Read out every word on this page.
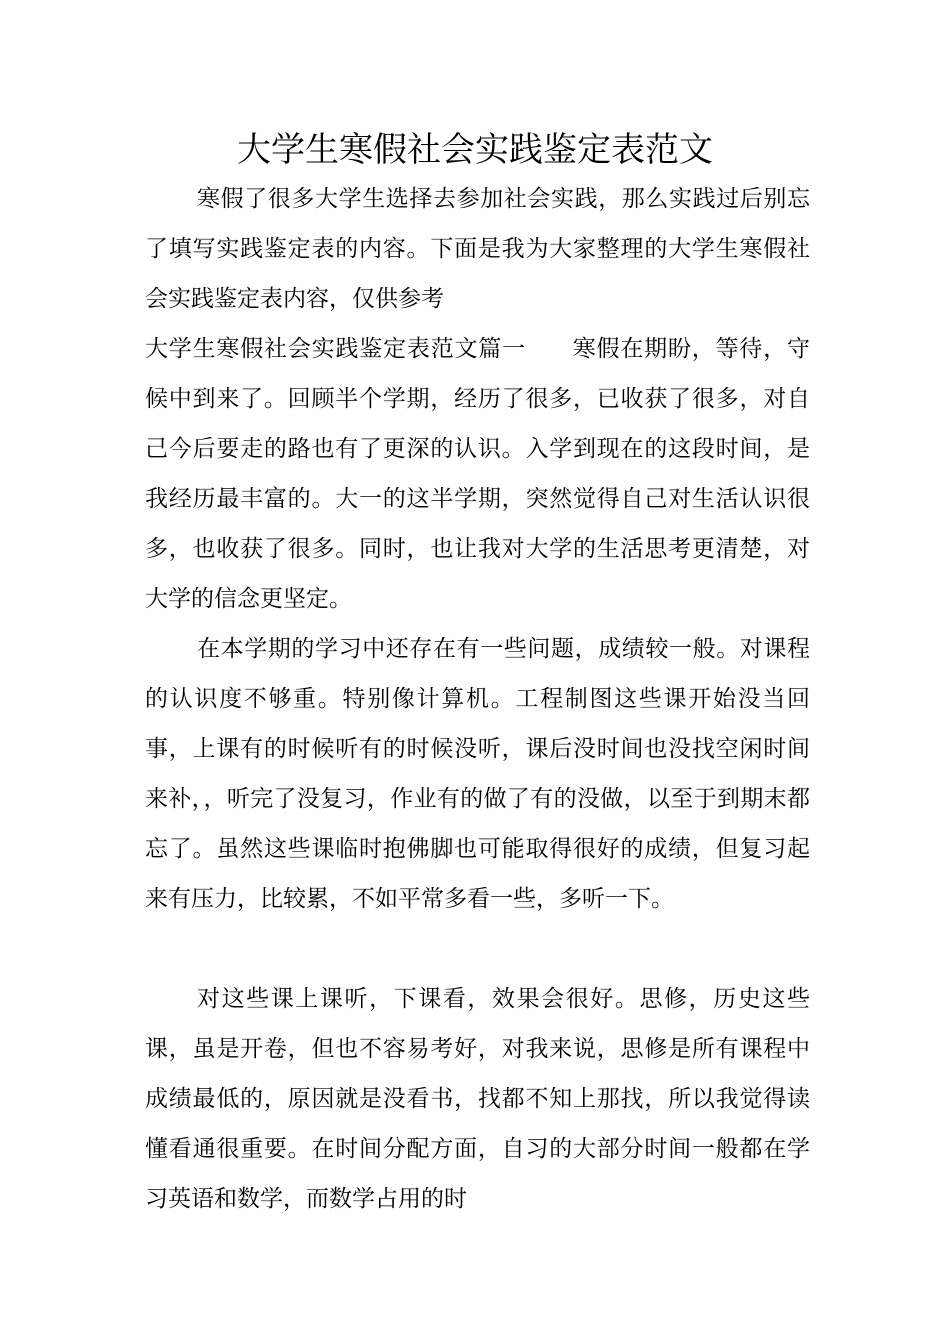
大学生寒假社会实践鉴定表范文

寒假了很多大学生选择去参加社会实践，那么实践过后别忘了填写实践鉴定表的内容。下面是我为大家整理的大学生寒假社会实践鉴定表内容，仅供参考

大学生寒假社会实践鉴定表范文篇一 寒假在期盼，等待，守候中到来了。回顾半个学期，经历了很多，已收获了很多，对自己今后要走的路也有了更深的认识。入学到现在的这段时间，是我经历最丰富的。大一的这半学期，突然觉得自己对生活认识很多，也收获了很多。同时，也让我对大学的生活思考更清楚，对大学的信念更坚定。

在本学期的学习中还存在有一些问题，成绩较一般。对课程的认识度不够重。特别像计算机。工程制图这些课开始没当回事，上课有的时候听有的时候没听，课后没时间也没找空闲时间来补，，听完了没复习，作业有的做了有的没做，以至于到期末都忘了。虽然这些课临时抱佛脚也可能取得很好的成绩，但复习起来有压力，比较累，不如平常多看一些，多听一下。

对这些课上课听，下课看，效果会很好。思修，历史这些课，虽是开卷，但也不容易考好，对我来说，思修是所有课程中成绩最低的，原因就是没看书，找都不知上那找，所以我觉得读懂看通很重要。在时间分配方面，自习的大部分时间一般都在学习英语和数学，而数学占用的时
